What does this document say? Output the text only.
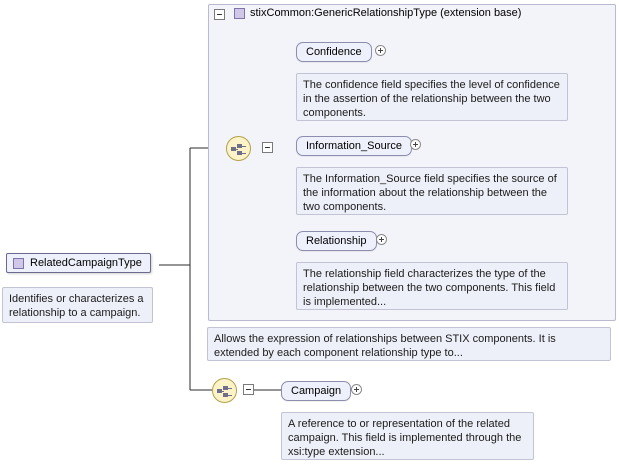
stixCommon:GenericRelationshipType (extension base)
RelatedCampaignType
Identifies or characterizes a relationship to a campaign.
Confidence
The confidence field specifies the level of confidence in the assertion of the relationship between the two components.
Information_Source
The Information_Source field specifies the source of the information about the relationship between the two components.
Relationship
The relationship field characterizes the type of the relationship between the two components. This field is implemented...
Allows the expression of relationships between STIX components. It is extended by each component relationship type to...
Campaign
A reference to or representation of the related campaign. This field is implemented through the xsi:type extension...
